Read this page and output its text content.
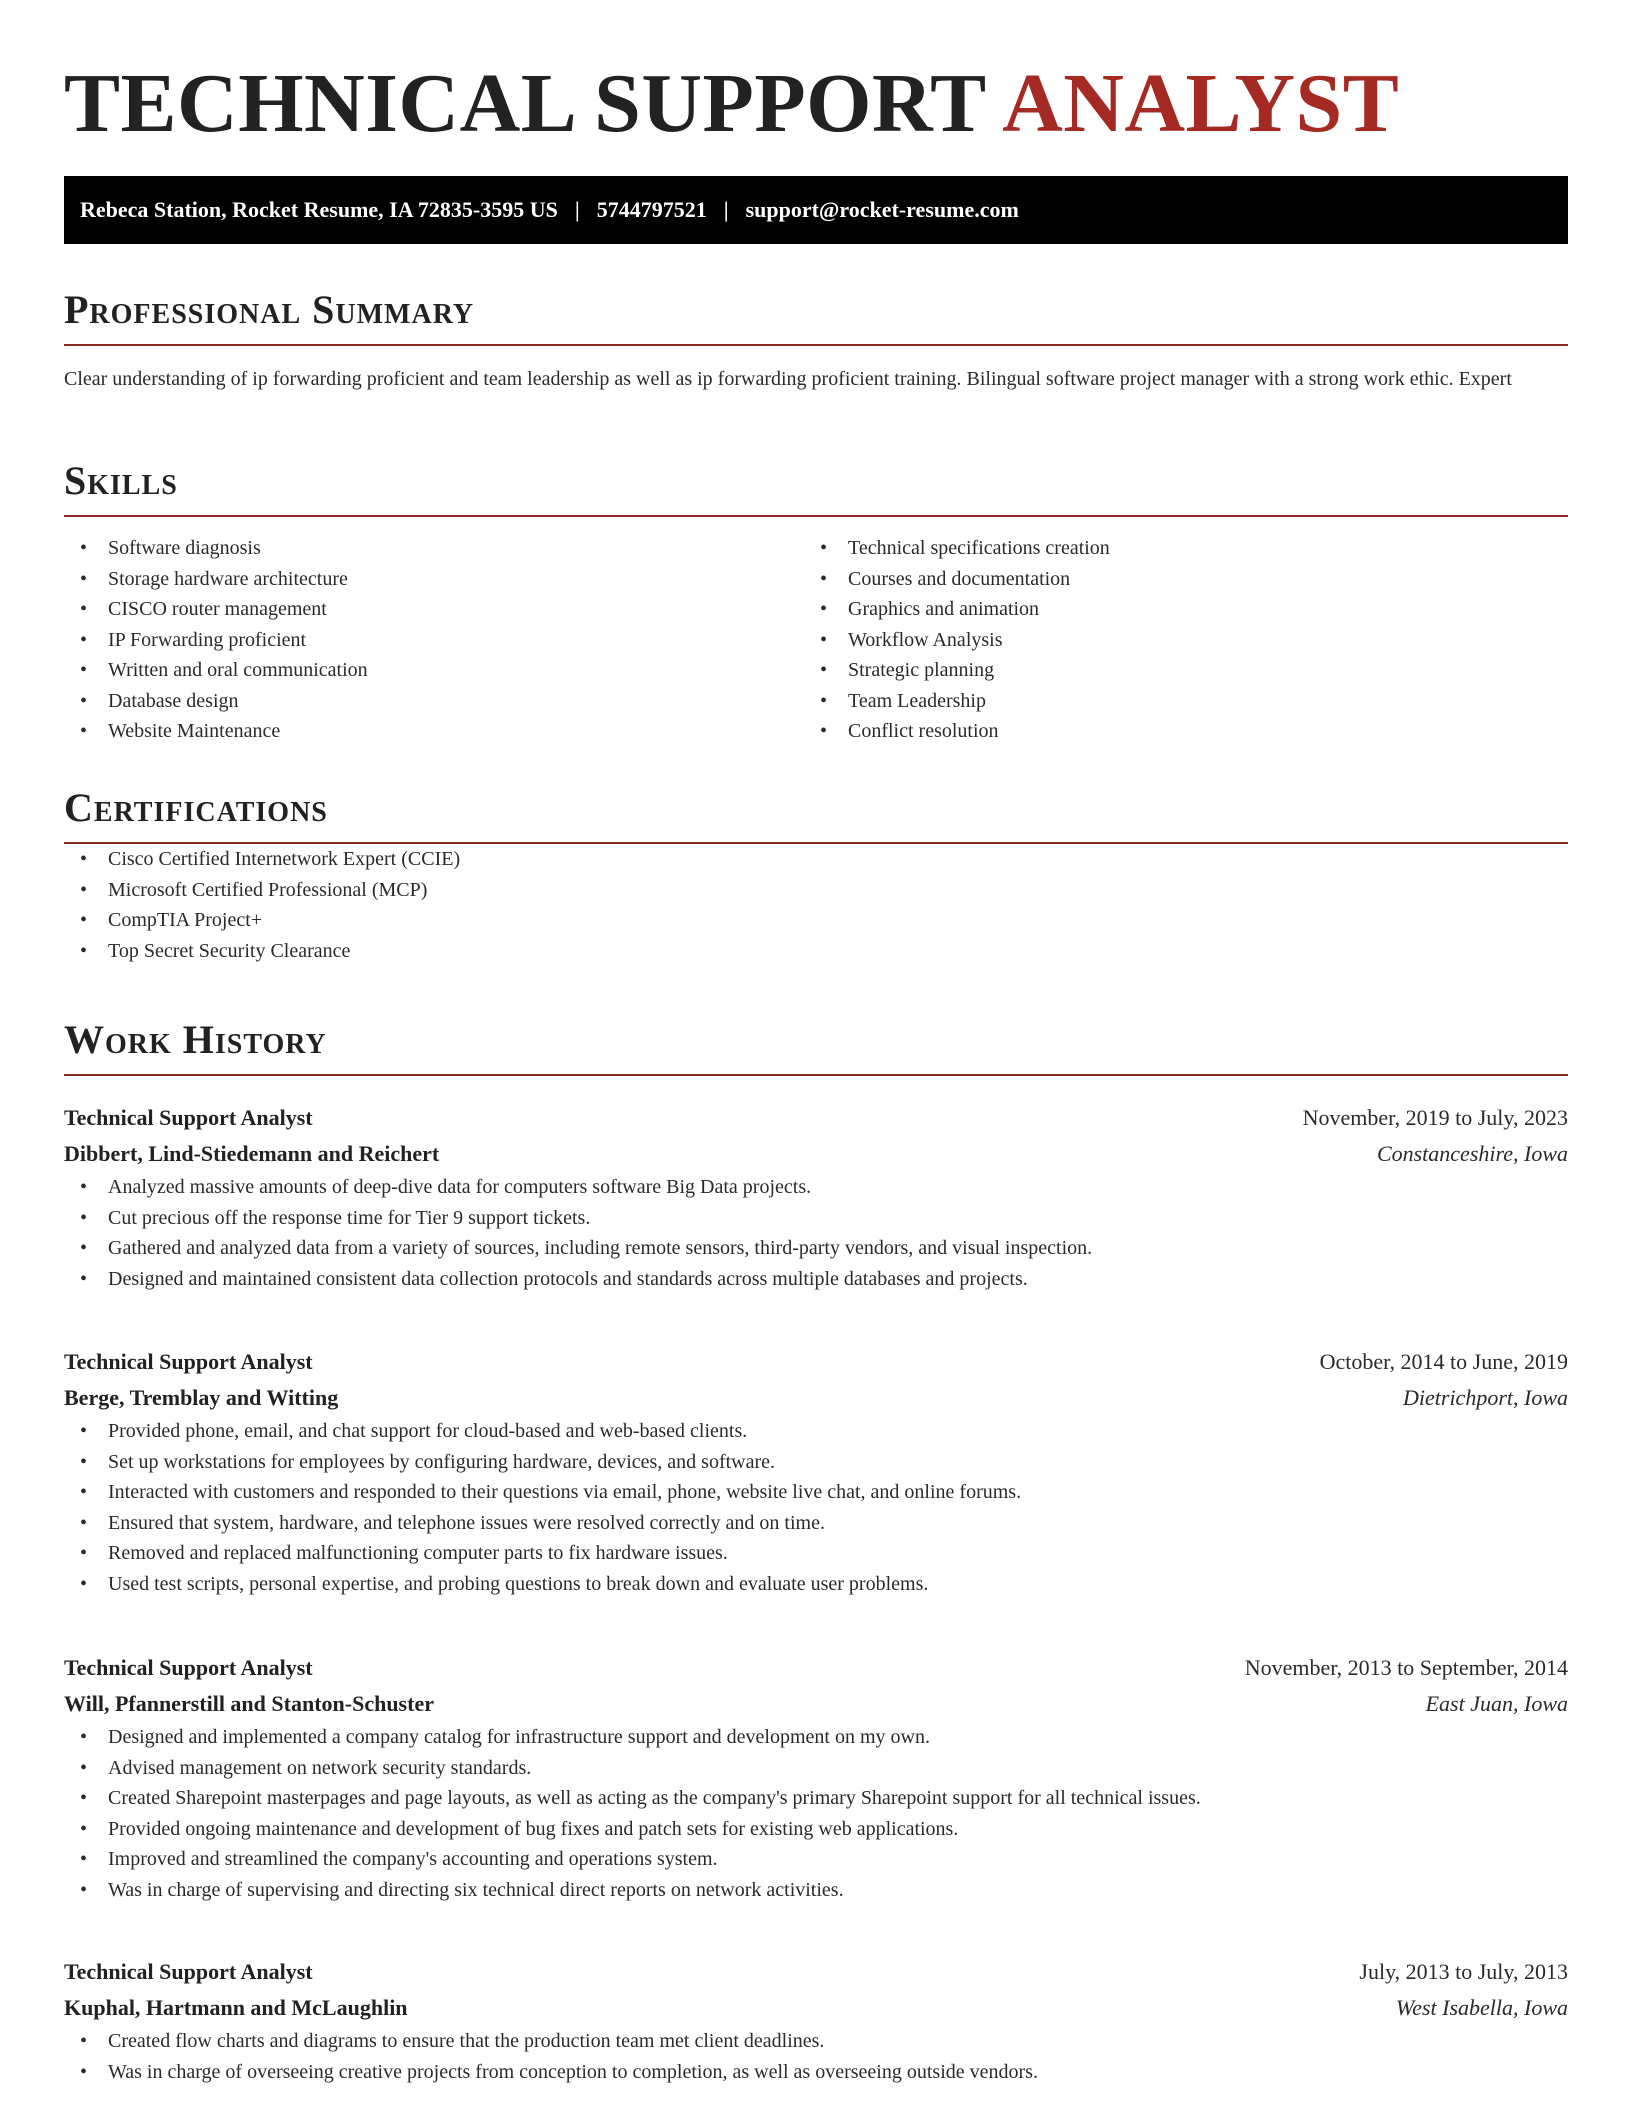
TECHNICAL SUPPORT ANALYST
Rebeca Station, Rocket Resume, IA 72835-3595 US | 5744797521 | support@rocket-resume.com
Professional Summary

Clear understanding of ip forwarding proficient and team leadership as well as ip forwarding proficient training. Bilingual software project manager with a strong work ethic. Expert

Skills
• Software diagnosis
• Storage hardware architecture
• CISCO router management
• IP Forwarding proficient
• Written and oral communication
• Database design
• Website Maintenance
• Technical specifications creation
• Courses and documentation
• Graphics and animation
• Workflow Analysis
• Strategic planning
• Team Leadership
• Conflict resolution
Certifications
• Cisco Certified Internetwork Expert (CCIE)
• Microsoft Certified Professional (MCP)
• CompTIA Project+
• Top Secret Security Clearance
Work History
Technical Support Analyst	November, 2019 to July, 2023
Dibbert, Lind-Stiedemann and Reichert	Constanceshire, Iowa
• Analyzed massive amounts of deep-dive data for computers software Big Data projects.
• Cut precious off the response time for Tier 9 support tickets.
• Gathered and analyzed data from a variety of sources, including remote sensors, third-party vendors, and visual inspection.
• Designed and maintained consistent data collection protocols and standards across multiple databases and projects.
Technical Support Analyst	October, 2014 to June, 2019
Berge, Tremblay and Witting	Dietrichport, Iowa
• Provided phone, email, and chat support for cloud-based and web-based clients.
• Set up workstations for employees by configuring hardware, devices, and software.
• Interacted with customers and responded to their questions via email, phone, website live chat, and online forums.
• Ensured that system, hardware, and telephone issues were resolved correctly and on time.
• Removed and replaced malfunctioning computer parts to fix hardware issues.
• Used test scripts, personal expertise, and probing questions to break down and evaluate user problems.
Technical Support Analyst	November, 2013 to September, 2014
Will, Pfannerstill and Stanton-Schuster	East Juan, Iowa
• Designed and implemented a company catalog for infrastructure support and development on my own.
• Advised management on network security standards.
• Created Sharepoint masterpages and page layouts, as well as acting as the company's primary Sharepoint support for all technical issues.
• Provided ongoing maintenance and development of bug fixes and patch sets for existing web applications.
• Improved and streamlined the company's accounting and operations system.
• Was in charge of supervising and directing six technical direct reports on network activities.
Technical Support Analyst	July, 2013 to July, 2013
Kuphal, Hartmann and McLaughlin	West Isabella, Iowa
• Created flow charts and diagrams to ensure that the production team met client deadlines.
• Was in charge of overseeing creative projects from conception to completion, as well as overseeing outside vendors.
